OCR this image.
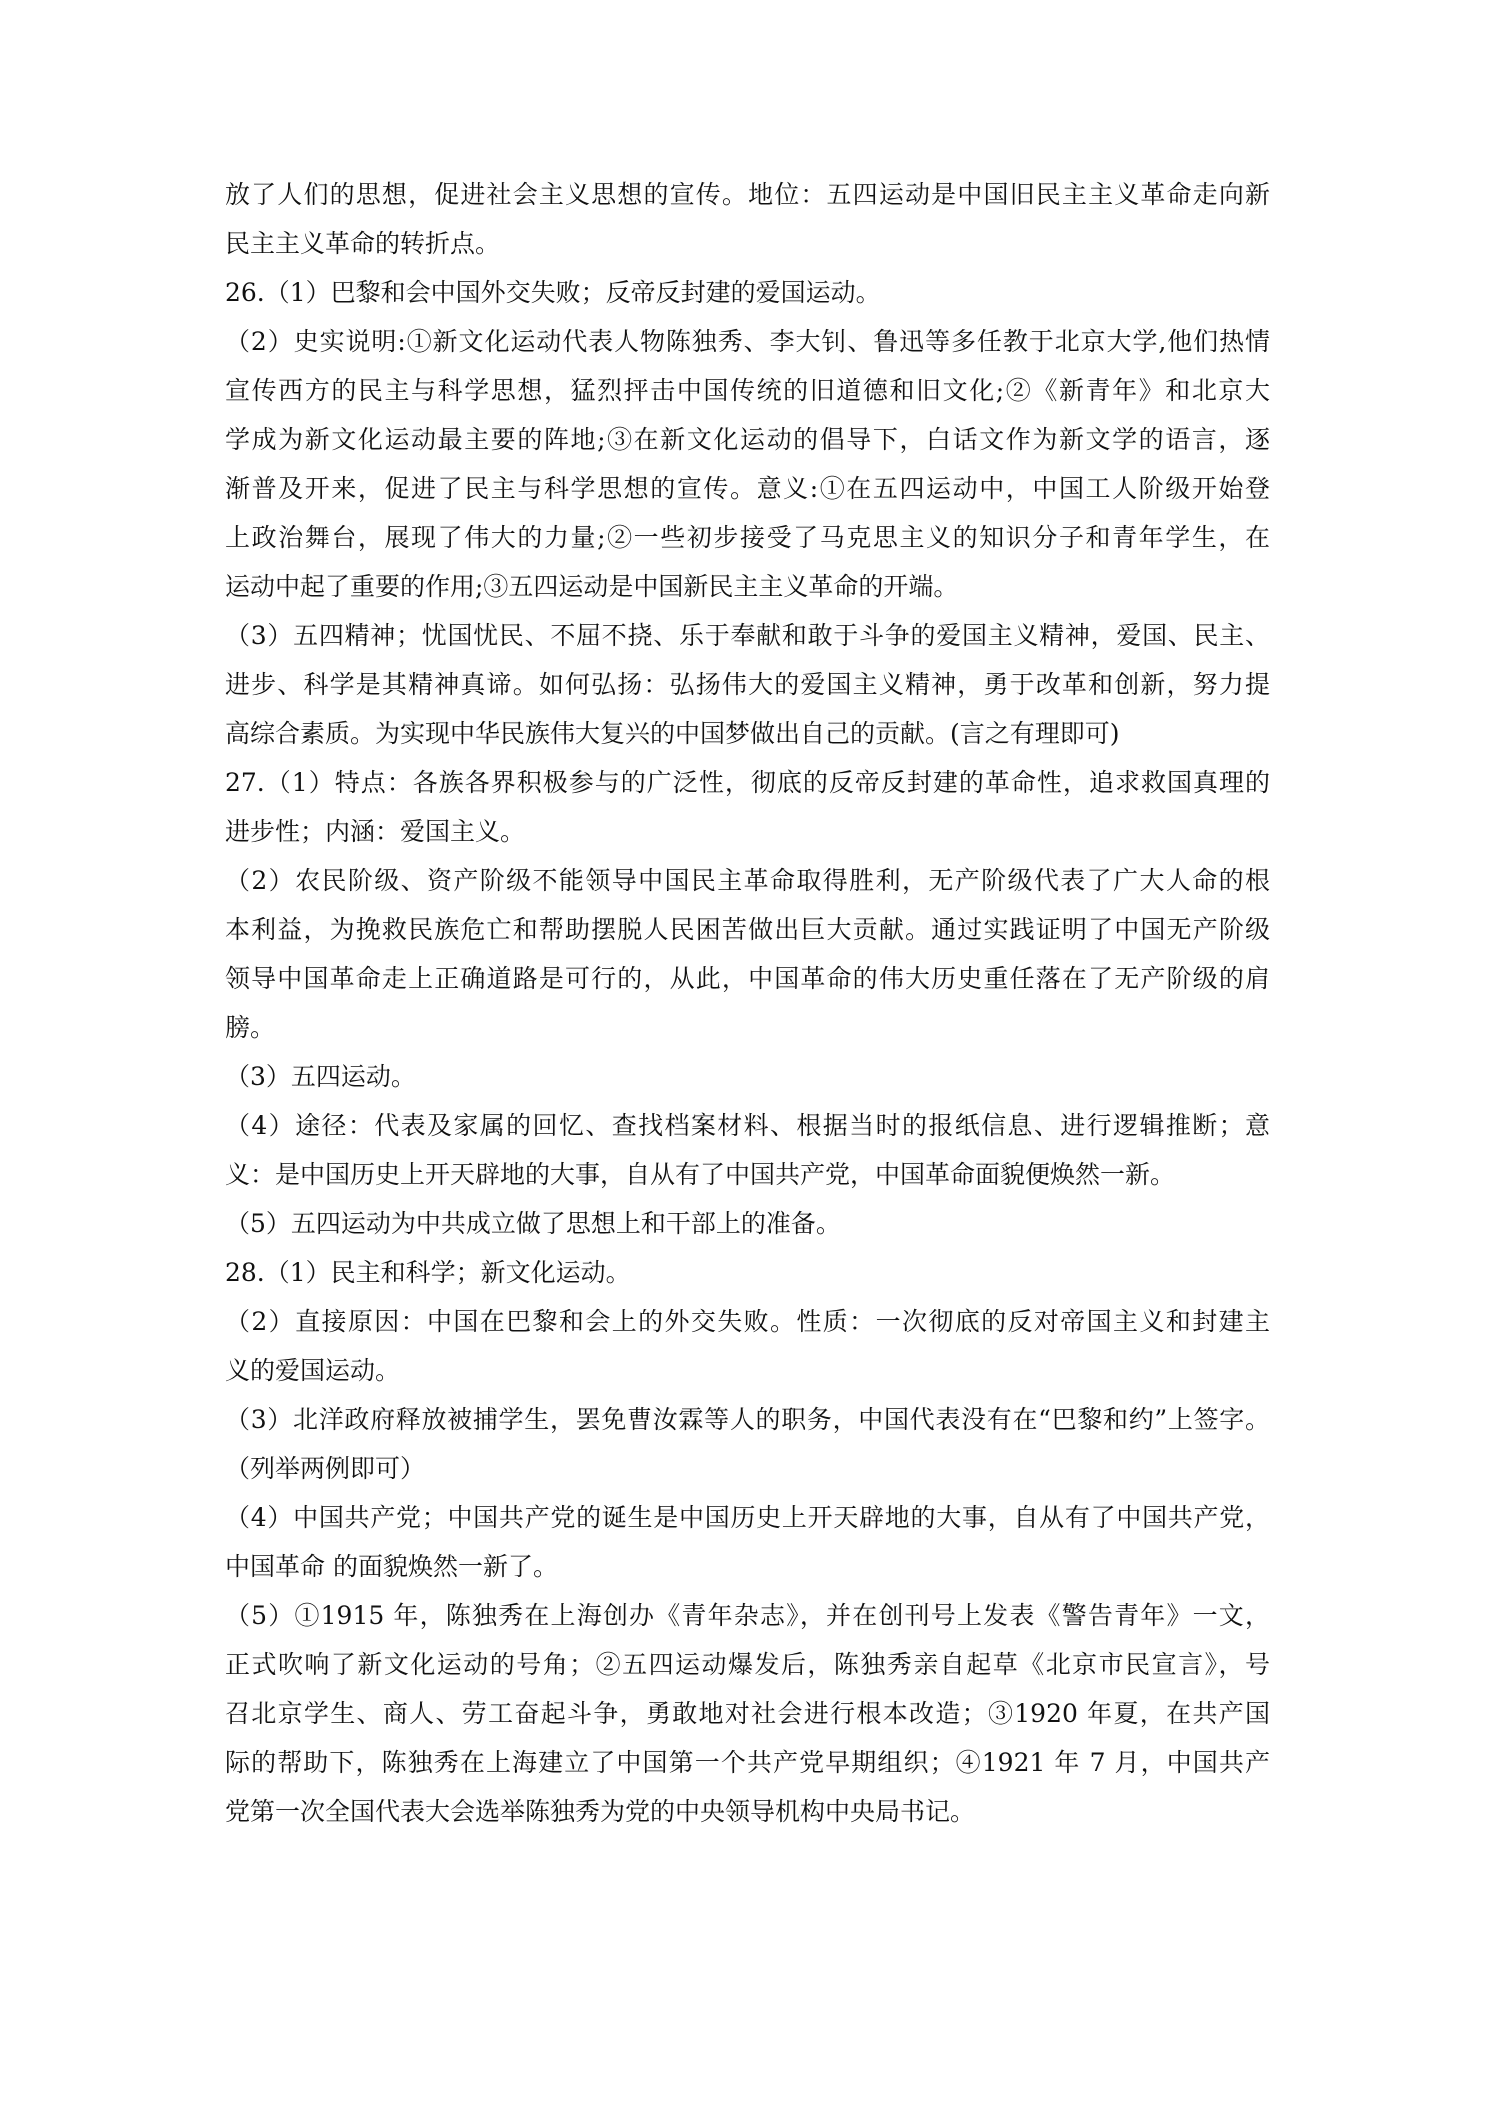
放了人们的思想，促进社会主义思想的宣传。地位：五四运动是中国旧民主主义革命走向新
民主主义革命的转折点。
26.（1）巴黎和会中国外交失败；反帝反封建的爱国运动。
（2）史实说明:①新文化运动代表人物陈独秀、李大钊、鲁迅等多任教于北京大学,他们热情
宣传西方的民主与科学思想，猛烈抨击中国传统的旧道德和旧文化;②《新青年》和北京大
学成为新文化运动最主要的阵地;③在新文化运动的倡导下，白话文作为新文学的语言，逐
渐普及开来，促进了民主与科学思想的宣传。意义:①在五四运动中，中国工人阶级开始登
上政治舞台，展现了伟大的力量;②一些初步接受了马克思主义的知识分子和青年学生，在
运动中起了重要的作用;③五四运动是中国新民主主义革命的开端。
（3）五四精神；忧国忧民、不屈不挠、乐于奉献和敢于斗争的爱国主义精神，爱国、民主、
进步、科学是其精神真谛。如何弘扬：弘扬伟大的爱国主义精神，勇于改革和创新，努力提
高综合素质。为实现中华民族伟大复兴的中国梦做出自己的贡献。(言之有理即可)
27.（1）特点：各族各界积极参与的广泛性，彻底的反帝反封建的革命性，追求救国真理的
进步性；内涵：爱国主义。
（2）农民阶级、资产阶级不能领导中国民主革命取得胜利，无产阶级代表了广大人命的根
本利益，为挽救民族危亡和帮助摆脱人民困苦做出巨大贡献。通过实践证明了中国无产阶级
领导中国革命走上正确道路是可行的，从此，中国革命的伟大历史重任落在了无产阶级的肩
膀。
（3）五四运动。
（4）途径：代表及家属的回忆、查找档案材料、根据当时的报纸信息、进行逻辑推断；意
义：是中国历史上开天辟地的大事，自从有了中国共产党，中国革命面貌便焕然一新。
（5）五四运动为中共成立做了思想上和干部上的准备。
28.（1）民主和科学；新文化运动。
（2）直接原因：中国在巴黎和会上的外交失败。性质：一次彻底的反对帝国主义和封建主
义的爱国运动。
（3）北洋政府释放被捕学生，罢免曹汝霖等人的职务，中国代表没有在“巴黎和约”上签字。
（列举两例即可）
（4）中国共产党；中国共产党的诞生是中国历史上开天辟地的大事，自从有了中国共产党，
中国革命 的面貌焕然一新了。
（5）①1915 年，陈独秀在上海创办《青年杂志》，并在创刊号上发表《警告青年》一文，
正式吹响了新文化运动的号角；②五四运动爆发后，陈独秀亲自起草《北京市民宣言》，号
召北京学生、商人、劳工奋起斗争，勇敢地对社会进行根本改造；③1920 年夏，在共产国
际的帮助下，陈独秀在上海建立了中国第一个共产党早期组织；④1921 年 7 月，中国共产
党第一次全国代表大会选举陈独秀为党的中央领导机构中央局书记。
